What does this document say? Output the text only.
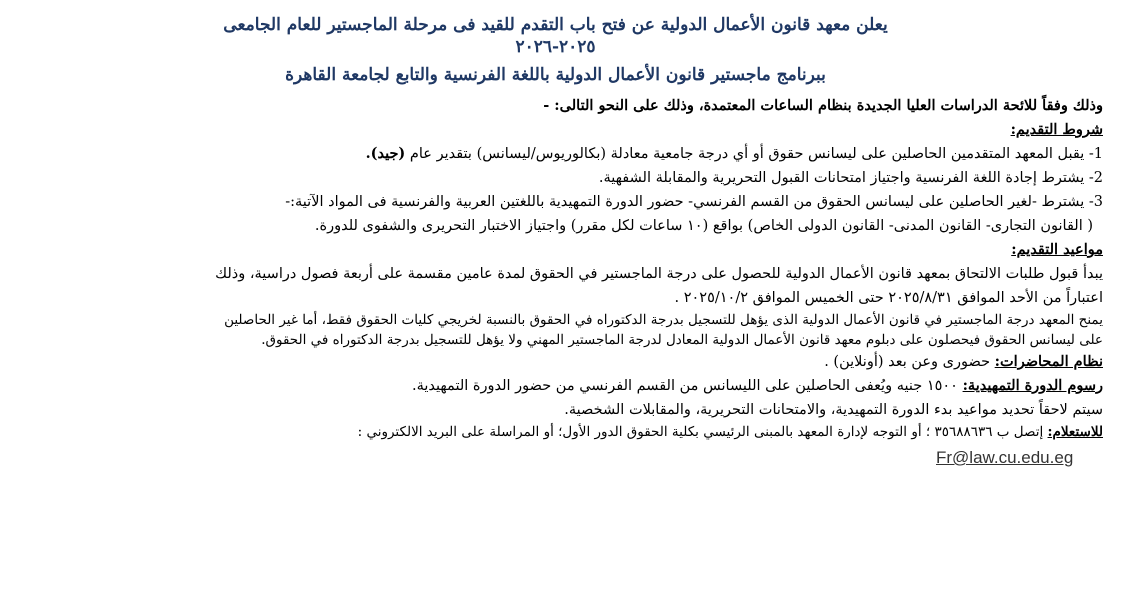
يعلن معهد قانون الأعمال الدولية عن فتح باب التقدم للقيد فى مرحلة الماجستير للعام الجامعى
٢٠٢٥-٢٠٢٦
ببرنامج ماجستير قانون الأعمال الدولية باللغة الفرنسية والتابع لجامعة القاهرة
وذلك وفقاً للائحة الدراسات العليا الجديدة بنظام الساعات المعتمدة، وذلك على النحو التالى: -
شروط التقديم:
1- يقبل المعهد المتقدمين الحاصلين على ليسانس حقوق أو أي درجة جامعية معادلة (بكالوريوس/ليسانس) بتقدير عام (جيد).
2- يشترط إجادة اللغة الفرنسية واجتياز امتحانات القبول التحريرية والمقابلة الشفهية.
3- يشترط -لغير الحاصلين على ليسانس الحقوق من القسم الفرنسي- حضور الدورة التمهيدية باللغتين العربية والفرنسية فى المواد الآتية:-
( القانون التجارى- القانون المدنى- القانون الدولى الخاص) بواقع (١٠ ساعات لكل مقرر) واجتياز الاختبار التحريرى والشفوى للدورة.
مواعيد التقديم:
يبدأ قبول طلبات الالتحاق بمعهد قانون الأعمال الدولية للحصول على درجة الماجستير في الحقوق لمدة عامين مقسمة على أربعة فصول دراسية، وذلك
اعتباراً من الأحد الموافق ٢٠٢٥/٨/٣١ حتى الخميس الموافق ٢٠٢٥/١٠/٢ .
يمنح المعهد درجة الماجستير في قانون الأعمال الدولية الذى يؤهل للتسجيل بدرجة الدكتوراه في الحقوق بالنسبة لخريجي كليات الحقوق فقط، أما غير الحاصلين
على ليسانس الحقوق فيحصلون على دبلوم معهد قانون الأعمال الدولية المعادل لدرجة الماجستير المهني ولا يؤهل للتسجيل بدرجة الدكتوراه في الحقوق.
نظام المحاضرات: حضورى وعن بعد (أونلاين) .
رسوم الدورة التمهيدية: ١٥٠٠ جنيه ويُعفى الحاصلين على الليسانس من القسم الفرنسي من حضور الدورة التمهيدية.
سيتم لاحقاً تحديد مواعيد بدء الدورة التمهيدية، والامتحانات التحريرية، والمقابلات الشخصية.
للاستعلام: إتصل ب ٣٥٦٨٨٦٣٦ ؛ أو التوجه لإدارة المعهد بالمبنى الرئيسي بكلية الحقوق الدور الأول؛ أو المراسلة على البريد الالكتروني :
Fr@law.cu.edu.eg
